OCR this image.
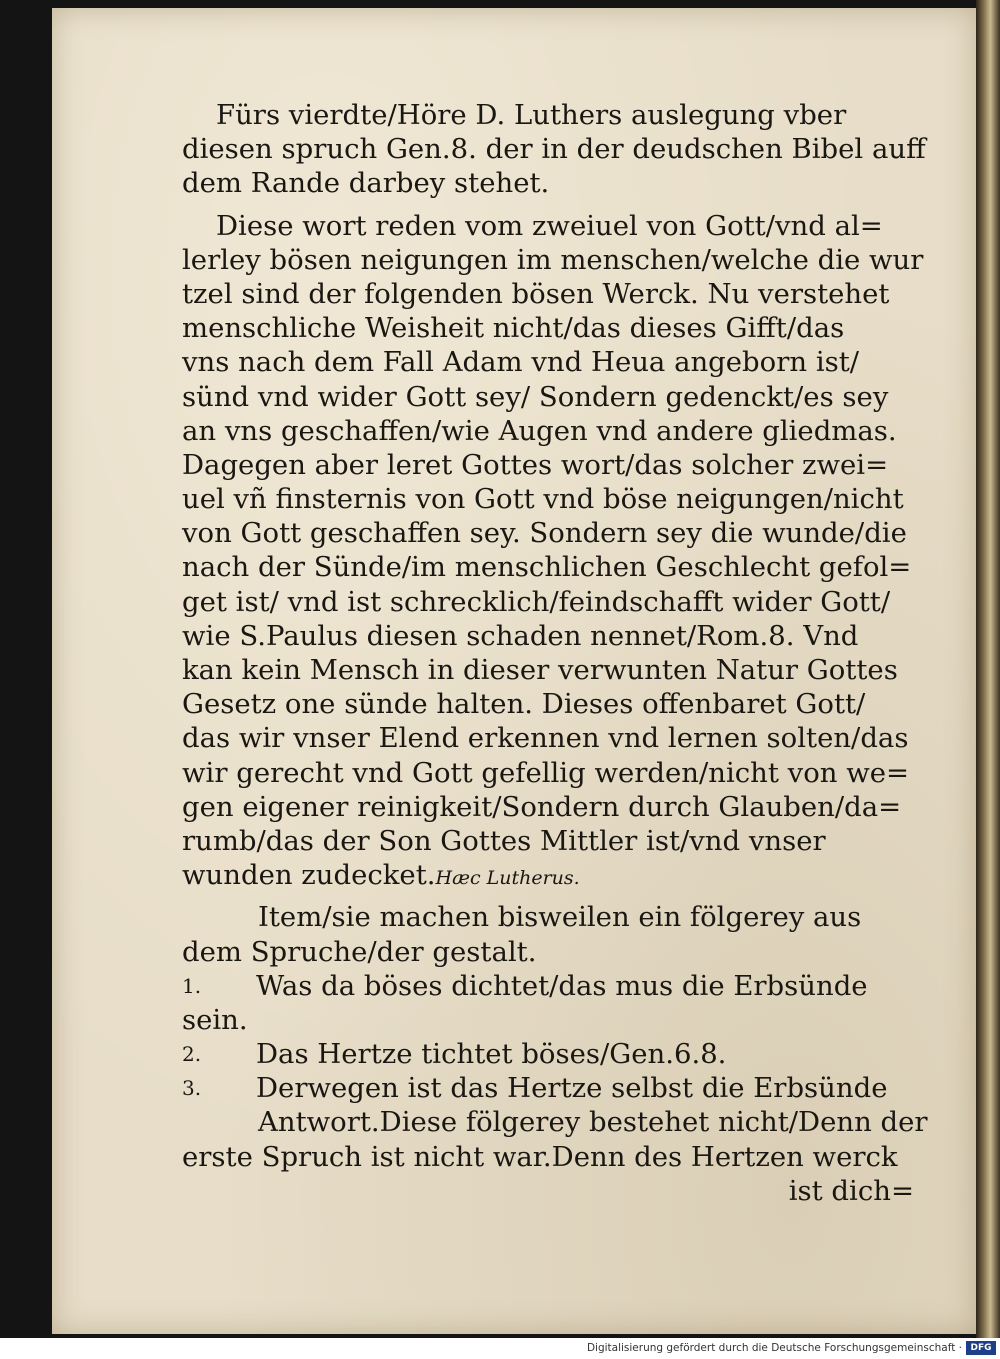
Fürs vierdte/Höre D. Luthers auslegung vber
diesen spruch Gen.8. der in der deudschen Bibel auff
dem Rande darbey stehet.
Diese wort reden vom zweiuel von Gott/vnd al=
lerley bösen neigungen im menschen/welche die wur
tzel sind der folgenden bösen Werck. Nu verstehet
menschliche Weisheit nicht/das dieses Gifft/das
vns nach dem Fall Adam vnd Heua angeborn ist/
sünd vnd wider Gott sey/ Sondern gedenckt/es sey
an vns geschaffen/wie Augen vnd andere gliedmas.
Dagegen aber leret Gottes wort/das solcher zwei=
uel vñ finsternis von Gott vnd böse neigungen/nicht
von Gott geschaffen sey. Sondern sey die wunde/die
nach der Sünde/im menschlichen Geschlecht gefol=
get ist/ vnd ist schrecklich/feindschafft wider Gott/
wie S.Paulus diesen schaden nennet/Rom.8. Vnd
kan kein Mensch in dieser verwunten Natur Gottes
Gesetz one sünde halten. Dieses offenbaret Gott/
das wir vnser Elend erkennen vnd lernen solten/das
wir gerecht vnd Gott gefellig werden/nicht von we=
gen eigener reinigkeit/Sondern durch Glauben/da=
rumb/das der Son Gottes Mittler ist/vnd vnser
wunden zudecket.Hæc Lutherus.
Item/sie machen bisweilen ein fölgerey aus
dem Spruche/der gestalt.
1. Was da böses dichtet/das mus die Erbsünde
sein.
2. Das Hertze tichtet böses/Gen.6.8.
3. Derwegen ist das Hertze selbst die Erbsünde
Antwort.Diese fölgerey bestehet nicht/Denn der
erste Spruch ist nicht war.Denn des Hertzen werck
ist dich=
Digitalisierung gefördert durch die Deutsche Forschungsgemeinschaft · DFG
